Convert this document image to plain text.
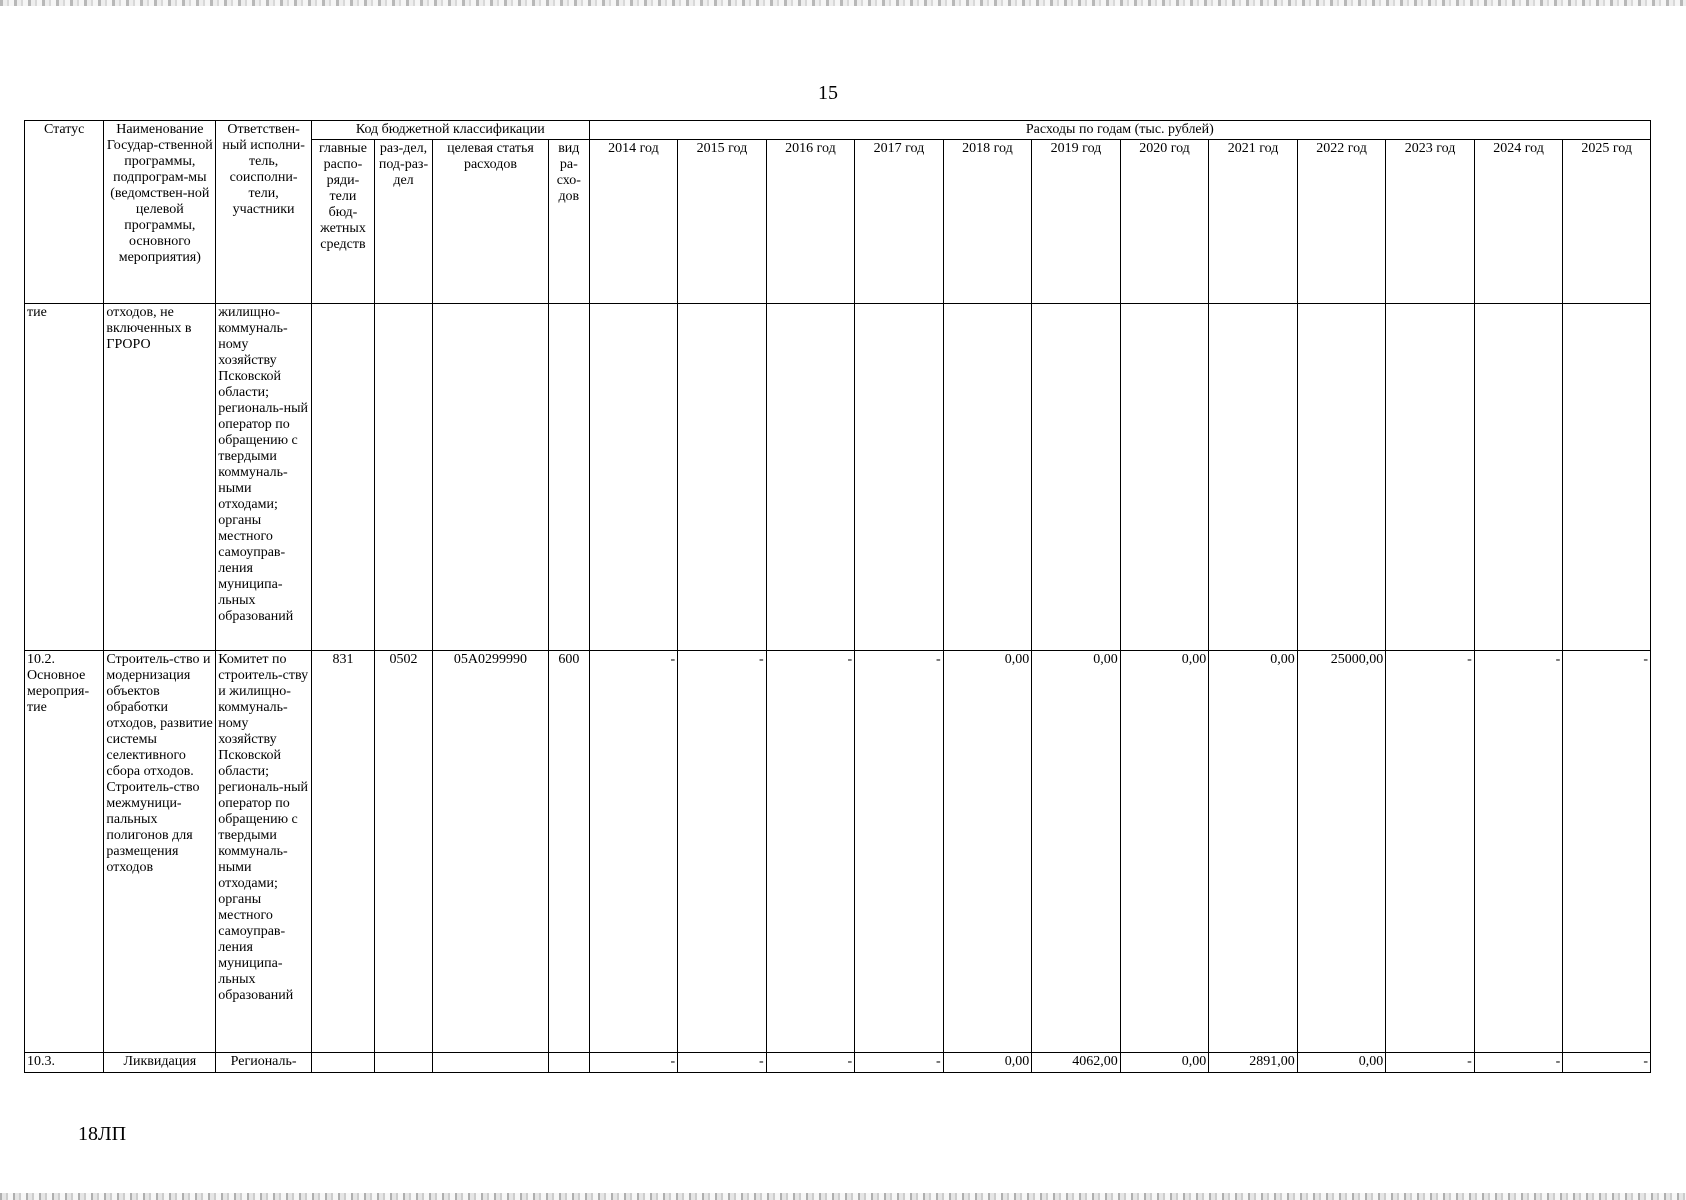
15
Статус	Наименование Государ-ственной программы, подпрограм-мы (ведомствен-ной целевой программы, основного мероприятия)	Ответствен-ный исполни-тель, соисполни-тели, участники	Код бюджетной классификации				Расходы по годам (тыс. рублей)											
			главные распо-ряди-тели бюд-жетных средств	раз-дел, под-раз-дел	целевая статья расходов	вид ра-схо-дов	2014 год	2015 год	2016 год	2017 год	2018 год	2019 год	2020 год	2021 год	2022 год	2023 год	2024 год	2025 год
тие	отходов, не включенных в ГРОРО	жилищно-коммуналь-ному хозяйству Псковской области; региональ-ный оператор по обращению с твердыми коммуналь-ными отходами; органы местного самоуправ-ления муниципа-льных образований																
10.2. Основное мероприя-тие	Строитель-ство и модернизация объектов обработки отходов, развитие системы селективного сбора отходов. Строитель-ство межмуници-пальных полигонов для размещения отходов	Комитет по строитель-ству и жилищно-коммуналь-ному хозяйству Псковской области; региональ-ный оператор по обращению с твердыми коммуналь-ными отходами; органы местного самоуправ-ления муниципа-льных образований	831	0502	05А0299990	600	-	-	-	-	0,00	0,00	0,00	0,00	25000,00	-	-	-
10.3.	Ликвидация	Региональ-					-	-	-	-	0,00	4062,00	0,00	2891,00	0,00	-	-	-
18ЛП
